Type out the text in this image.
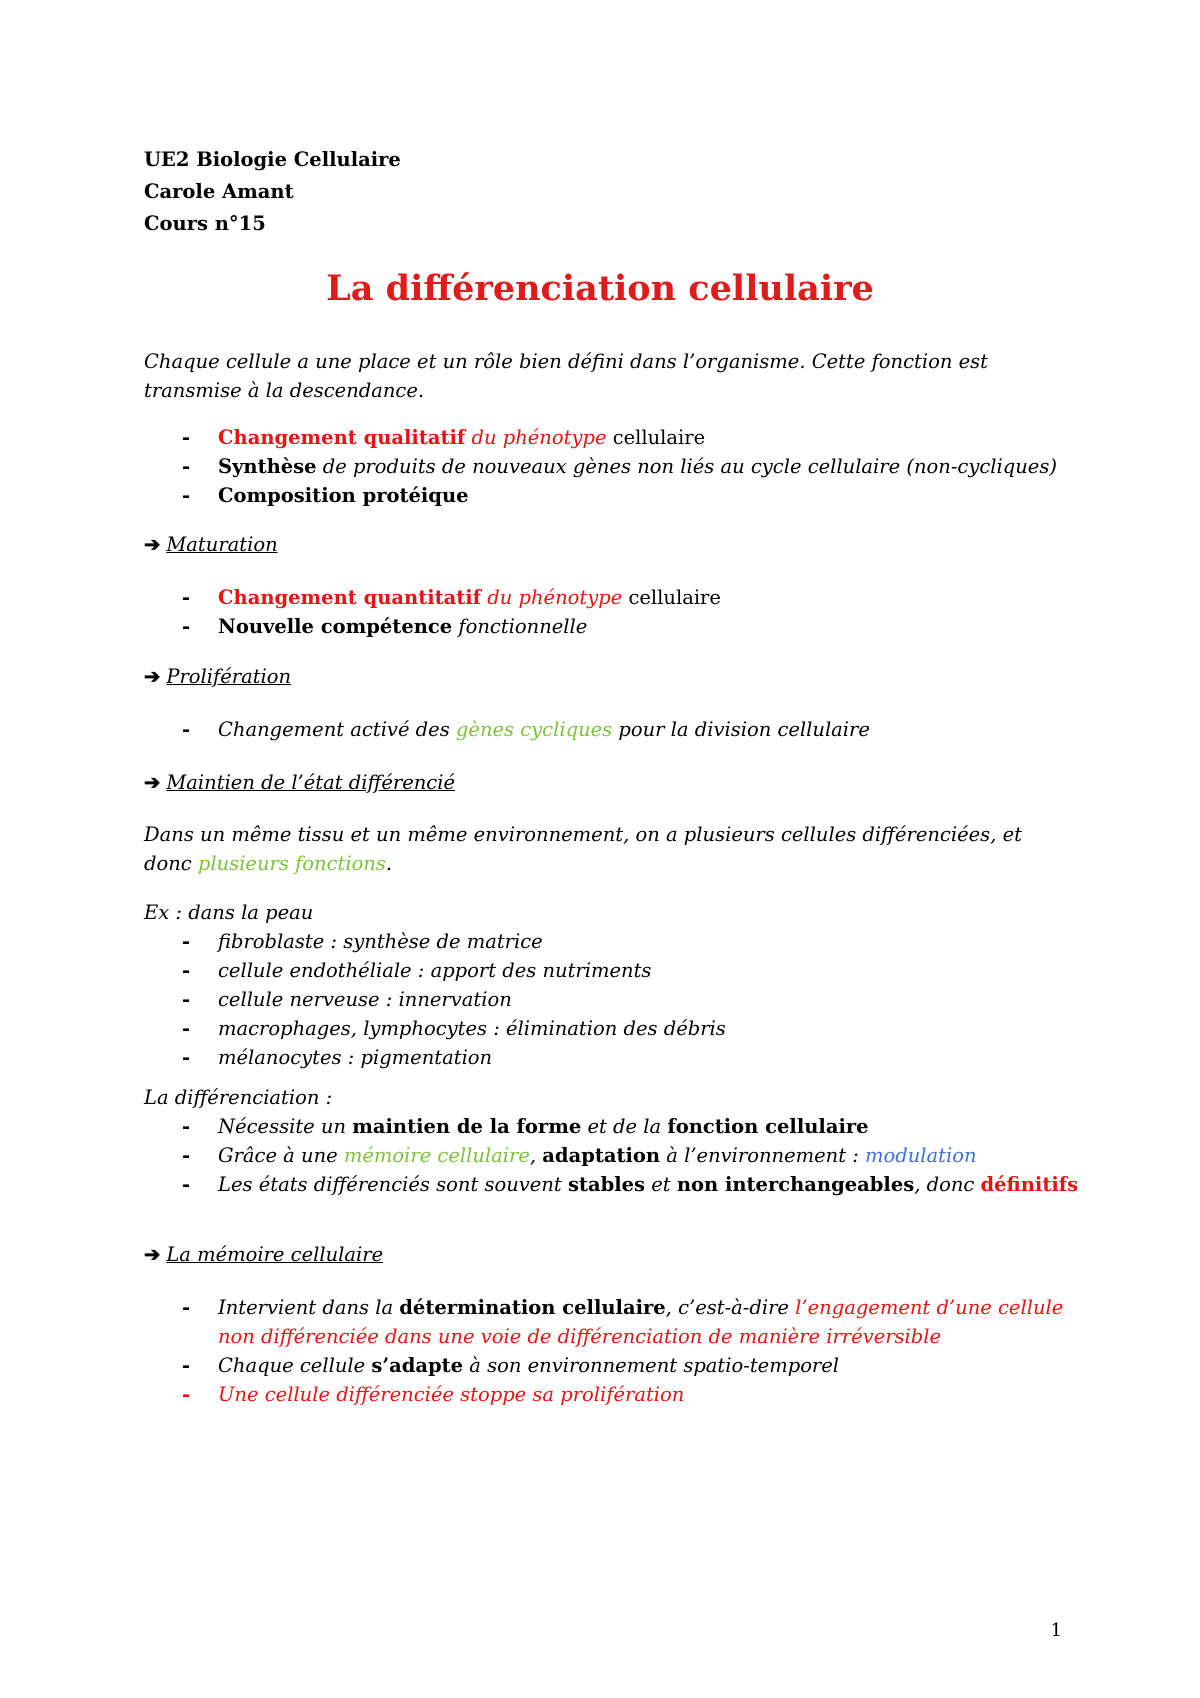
UE2 Biologie Cellulaire
Carole Amant
Cours n°15
La différenciation cellulaire
Chaque cellule a une place et un rôle bien défini dans l’organisme. Cette fonction est
transmise à la descendance.
- Changement qualitatif du phénotype cellulaire
- Synthèse de produits de nouveaux gènes non liés au cycle cellulaire (non-cycliques)
- Composition protéique
➔ Maturation
- Changement quantitatif du phénotype cellulaire
- Nouvelle compétence fonctionnelle
➔ Prolifération
- Changement activé des gènes cycliques pour la division cellulaire
➔ Maintien de l’état différencié
Dans un même tissu et un même environnement, on a plusieurs cellules différenciées, et
donc plusieurs fonctions.
Ex : dans la peau
- fibroblaste : synthèse de matrice
- cellule endothéliale : apport des nutriments
- cellule nerveuse : innervation
- macrophages, lymphocytes : élimination des débris
- mélanocytes : pigmentation
La différenciation :
- Nécessite un maintien de la forme et de la fonction cellulaire
- Grâce à une mémoire cellulaire, adaptation à l’environnement : modulation
- Les états différenciés sont souvent stables et non interchangeables, donc définitifs
➔ La mémoire cellulaire
- Intervient dans la détermination cellulaire, c’est-à-dire l’engagement d’une cellule non différenciée dans une voie de différenciation de manière irréversible
- Chaque cellule s’adapte à son environnement spatio-temporel
- Une cellule différenciée stoppe sa prolifération
1
